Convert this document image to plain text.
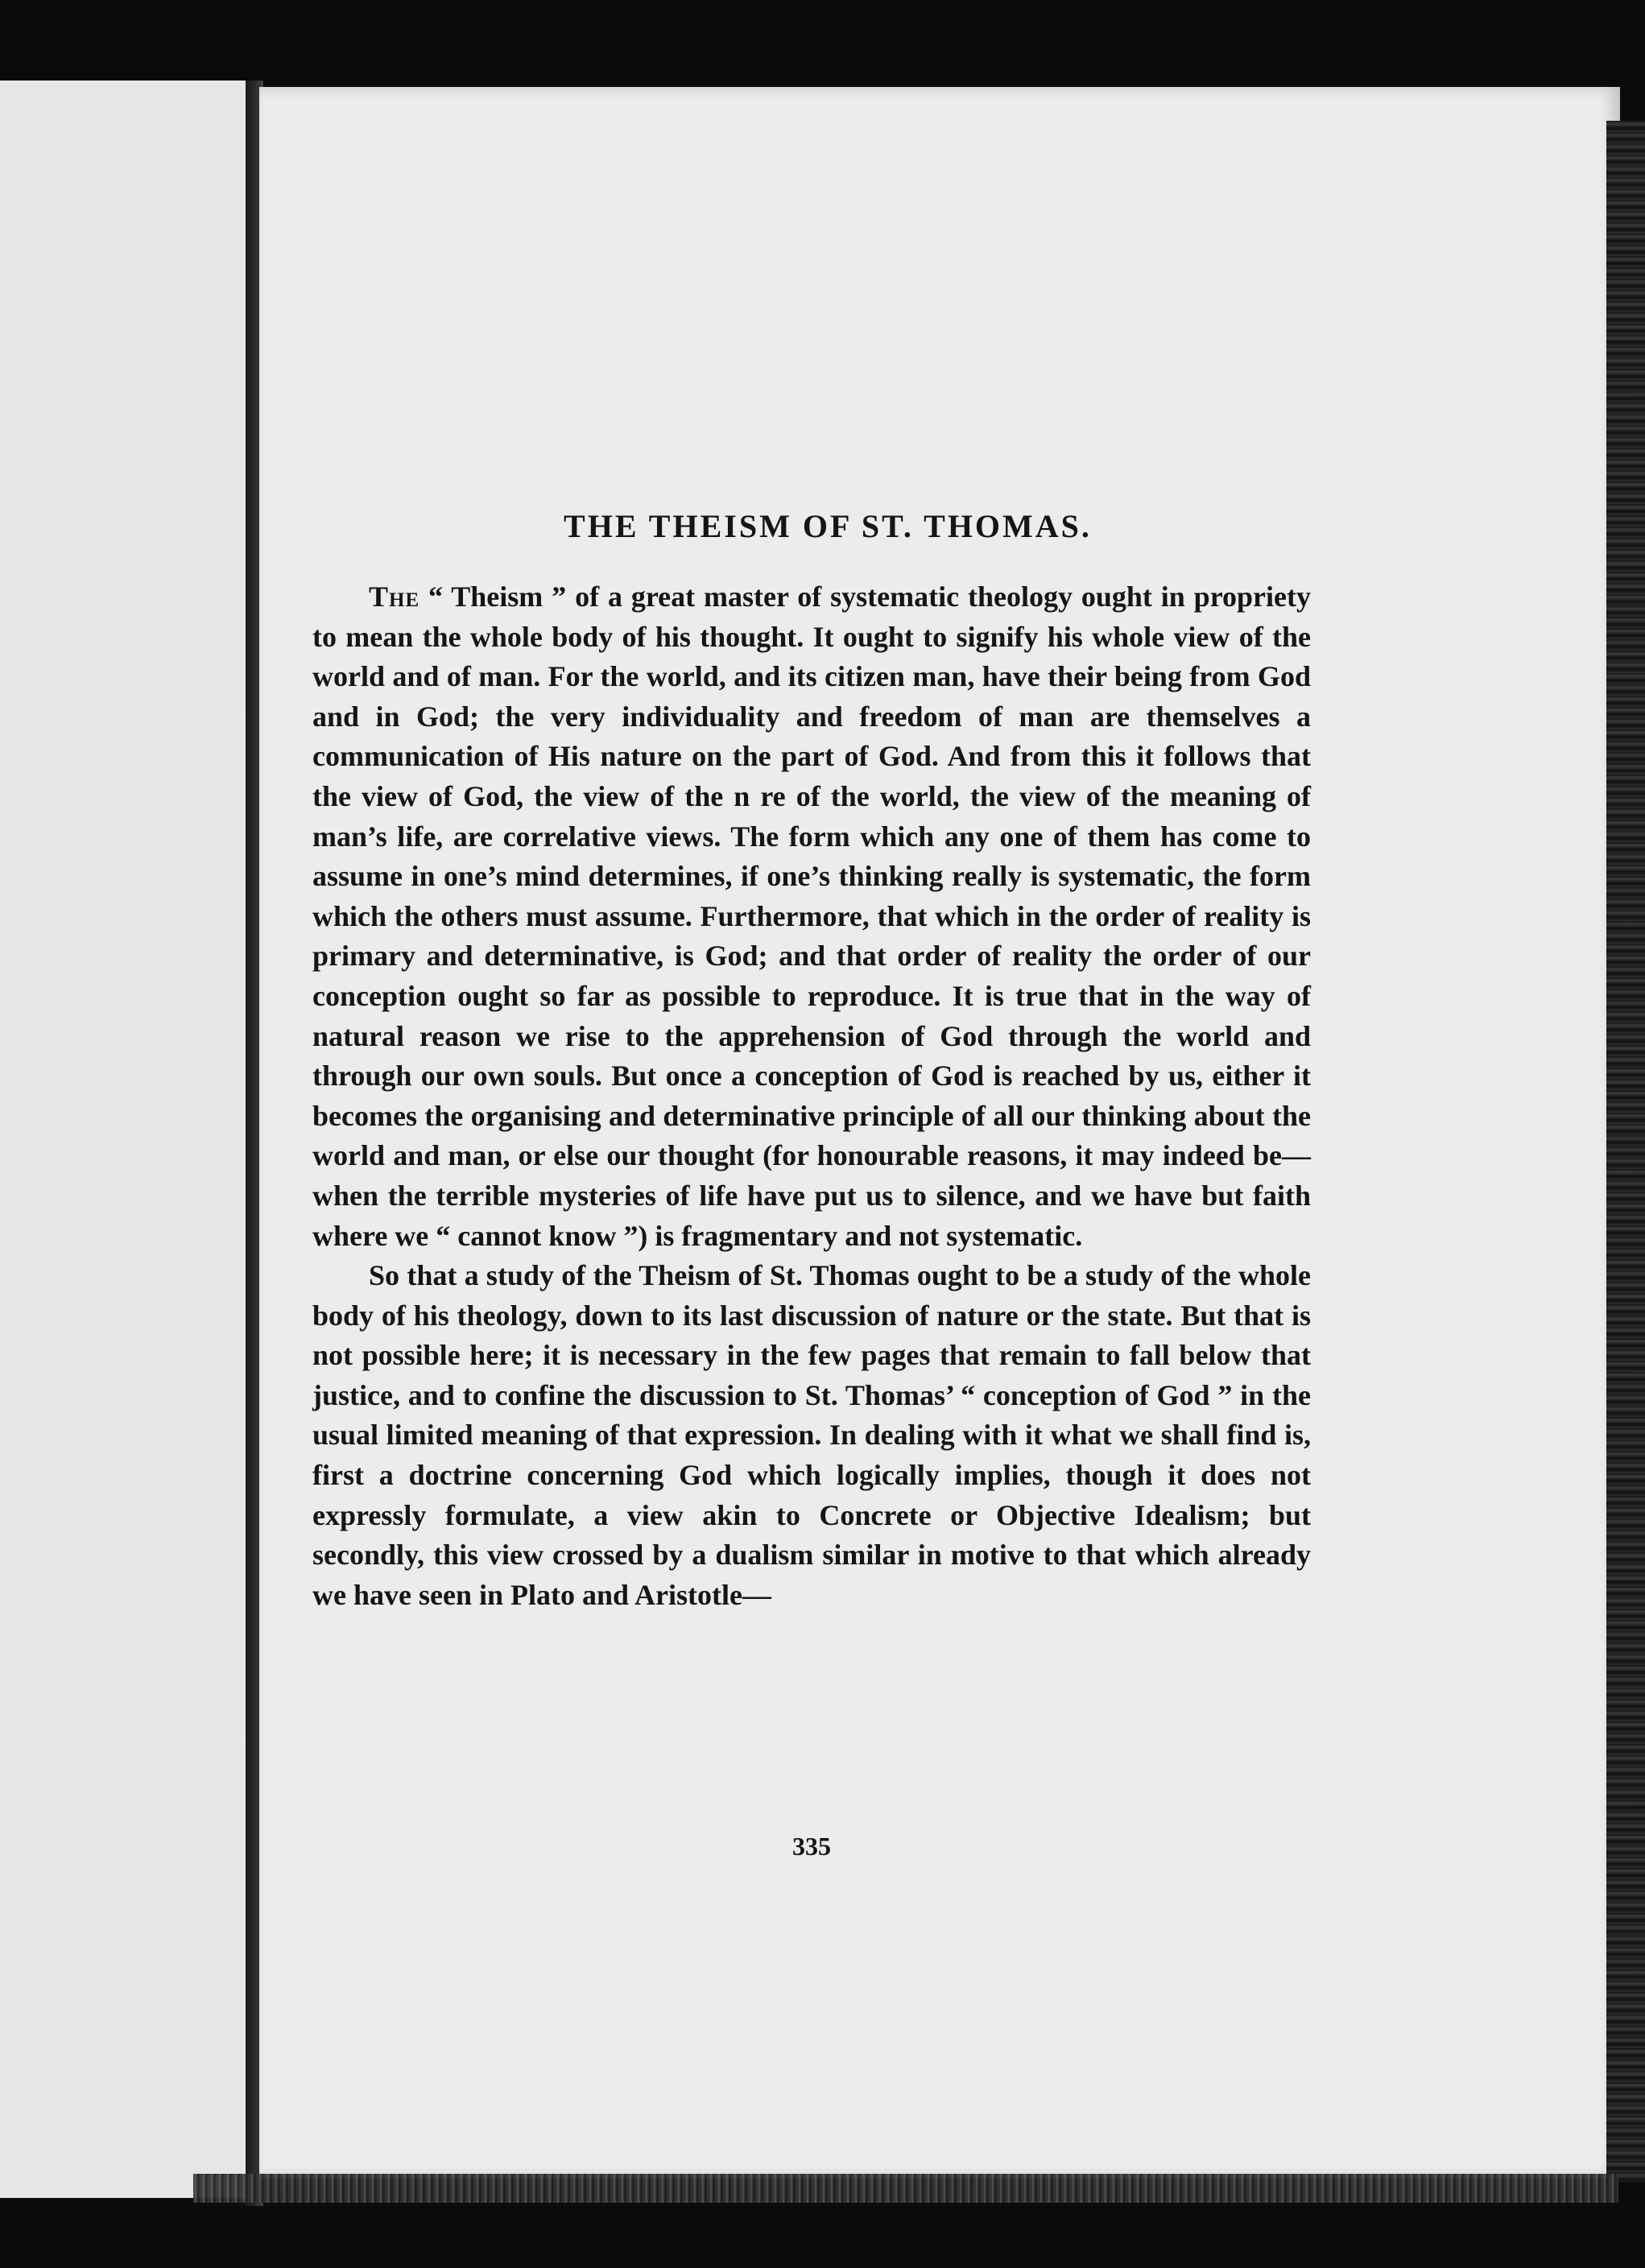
THE THEISM OF ST. THOMAS.

The “ Theism ” of a great master of systematic theology ought in propriety to mean the whole body of his thought. It ought to signify his whole view of the world and of man. For the world, and its citizen man, have their being from God and in God; the very individuality and freedom of man are themselves a communication of His nature on the part of God. And from this it follows that the view of God, the view of the n re of the world, the view of the meaning of man’s life, are correlative views. The form which any one of them has come to assume in one’s mind determines, if one’s thinking really is systematic, the form which the others must assume. Furthermore, that which in the order of reality is primary and determinative, is God; and that order of reality the order of our conception ought so far as possible to reproduce. It is true that in the way of natural reason we rise to the apprehension of God through the world and through our own souls. But once a conception of God is reached by us, either it becomes the organising and determinative principle of all our thinking about the world and man, or else our thought (for honourable reasons, it may indeed be—when the terrible mysteries of life have put us to silence, and we have but faith where we “ cannot know ”) is fragmentary and not systematic.

So that a study of the Theism of St. Thomas ought to be a study of the whole body of his theology, down to its last discussion of nature or the state. But that is not possible here; it is necessary in the few pages that remain to fall below that justice, and to confine the discussion to St. Thomas’ “ conception of God ” in the usual limited meaning of that expression. In dealing with it what we shall find is, first a doctrine concerning God which logically implies, though it does not expressly formulate, a view akin to Concrete or Objective Idealism; but secondly, this view crossed by a dualism similar in motive to that which already we have seen in Plato and Aristotle—

335
